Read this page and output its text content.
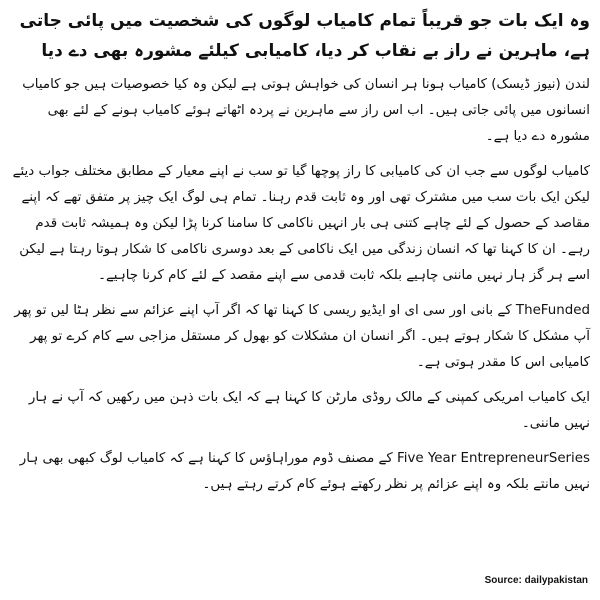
وہ ایک بات جو قریباً تمام کامیاب لوگوں کی شخصیت میں پائی جاتی ہے، ماہرین نے راز بے نقاب کر دیا، کامیابی کیلئے مشورہ بھی دے دیا
لندن (نیوز ڈیسک) کامیاب ہونا ہر انسان کی خواہش ہوتی ہے لیکن وہ کیا خصوصیات ہیں جو کامیاب انسانوں میں پائی جاتی ہیں۔ اب اس راز سے ماہرین نے پردہ اٹھاتے ہوئے کامیاب ہونے کے لئے بھی مشورہ دے دیا ہے۔
کامیاب لوگوں سے جب ان کی کامیابی کا راز پوچھا گیا تو سب نے اپنے معیار کے مطابق مختلف جواب دیئے لیکن ایک بات سب میں مشترک تھی اور وہ ثابت قدم رہنا۔ تمام ہی لوگ ایک چیز پر متفق تھے کہ اپنے مقاصد کے حصول کے لئے چاہے کتنی ہی بار انہیں ناکامی کا سامنا کرنا پڑا لیکن وہ ہمیشہ ثابت قدم رہے۔ ان کا کہنا تھا کہ انسان زندگی میں ایک ناکامی کے بعد دوسری ناکامی کا شکار ہوتا رہتا ہے لیکن اسے ہر گز ہار نہیں ماننی چاہیے بلکہ ثابت قدمی سے اپنے مقصد کے لئے کام کرنا چاہیے۔
TheFunded کے بانی اور سی ای او ایڈیو ریسی کا کہنا تھا کہ اگر آپ اپنے عزائم سے نظر ہٹا لیں تو پھر آپ مشکل کا شکار ہوتے ہیں۔ اگر انسان ان مشکلات کو بھول کر مستقل مزاجی سے کام کرے تو پھر کامیابی اس کا مقدر ہوتی ہے۔
ایک کامیاب امریکی کمپنی کے مالک روڈی مارٹن کا کہنا ہے کہ ایک بات ذہن میں رکھیں کہ آپ نے ہار نہیں ماننی۔
Five Year EntrepreneurSeries کے مصنف ڈوم موراہاؤس کا کہنا ہے کہ کامیاب لوگ کبھی بھی ہار نہیں مانتے بلکہ وہ اپنے عزائم پر نظر رکھتے ہوئے کام کرتے رہتے ہیں۔
Source: dailypakistan
